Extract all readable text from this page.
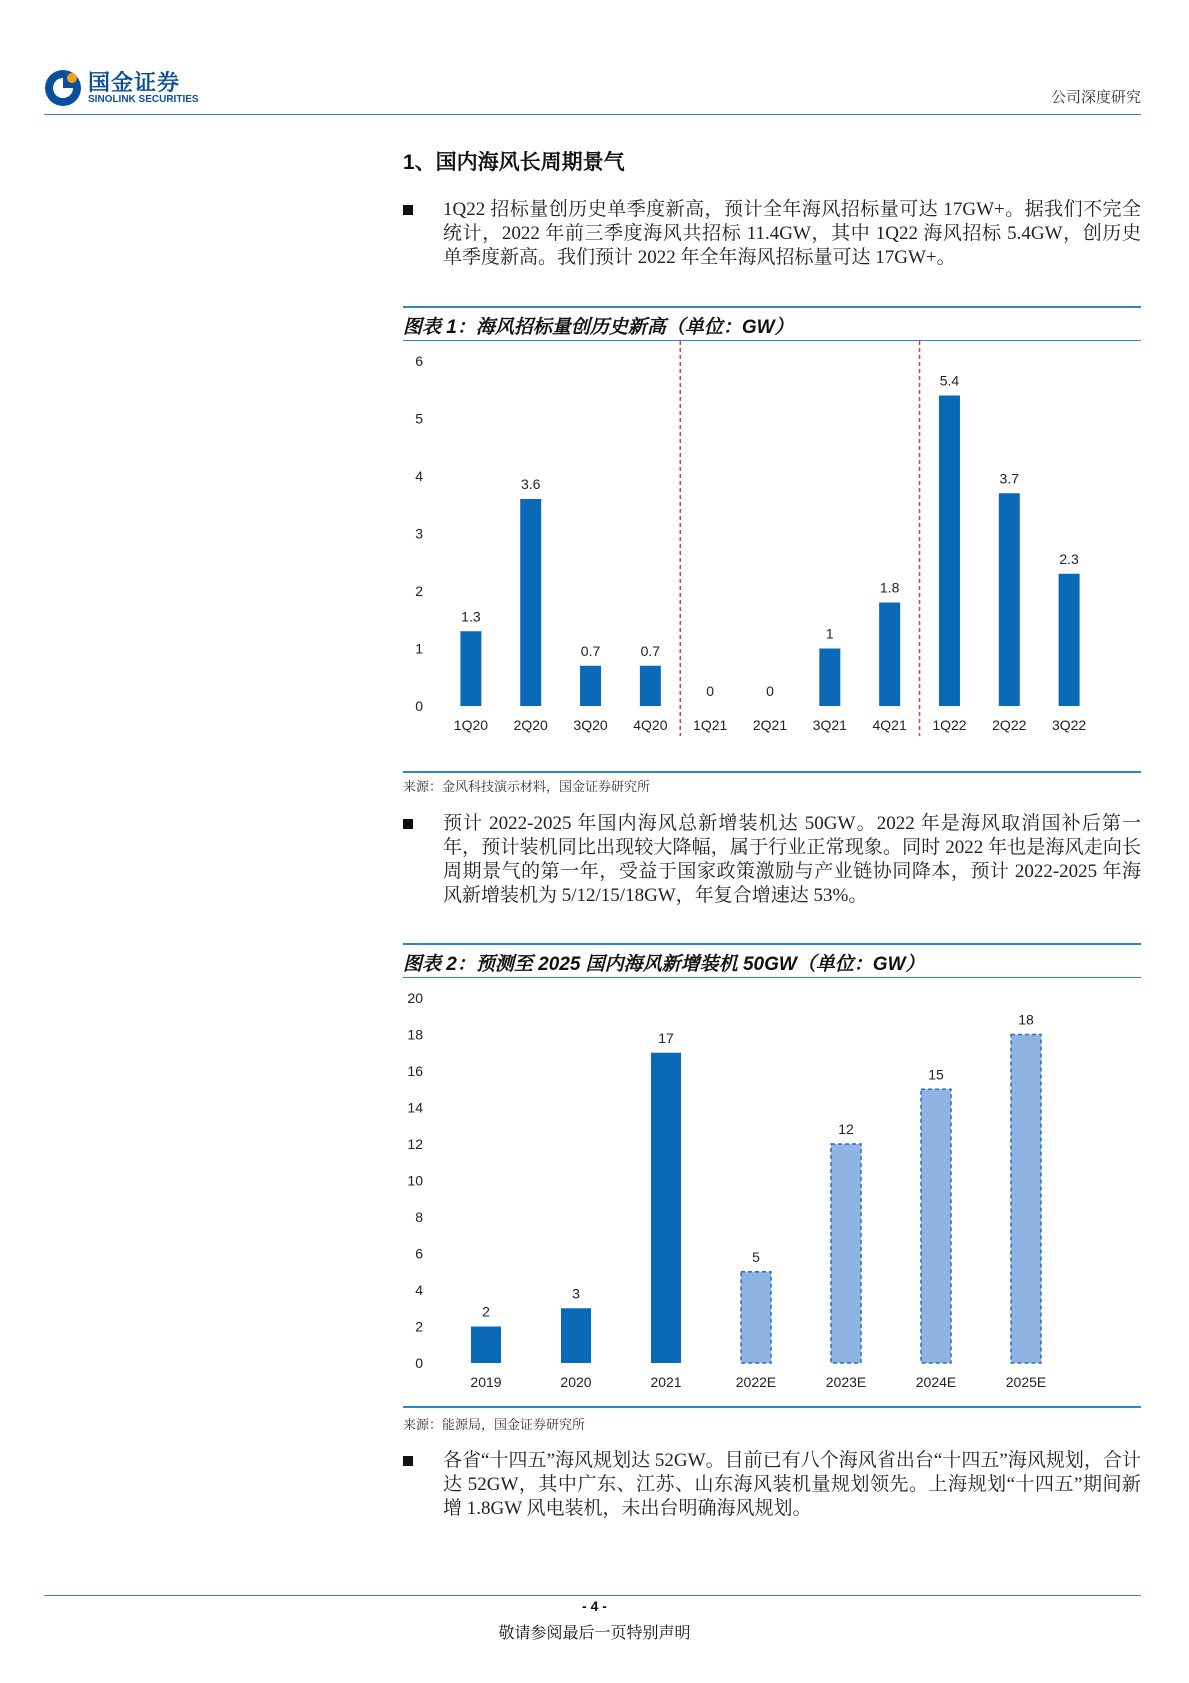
国金证券
SINOLINK SECURITIES	公司深度研究
1、国内海风长周期景气
1Q22 招标量创历史单季度新高，预计全年海风招标量可达 17GW+。据我们不完全统计，2022 年前三季度海风共招标 11.4GW，其中 1Q22 海风招标 5.4GW，创历史单季度新高。我们预计 2022 年全年海风招标量可达 17GW+。
图表 1：海风招标量创历史新高（单位：GW）
0
1
2
3
4
5
6
1.3
1Q20
3.6
2Q20
0.7
3Q20
0.7
4Q20
0
1Q21
0
2Q21
1
3Q21
1.8
4Q21
5.4
1Q22
3.7
2Q22
2.3
3Q22
来源：金风科技演示材料，国金证券研究所
预计 2022-2025 年国内海风总新增装机达 50GW。2022 年是海风取消国补后第一年，预计装机同比出现较大降幅，属于行业正常现象。同时 2022 年也是海风走向长周期景气的第一年，受益于国家政策激励与产业链协同降本，预计 2022-2025 年海风新增装机为 5/12/15/18GW，年复合增速达 53%。
图表 2：预测至 2025 国内海风新增装机 50GW（单位：GW）
0
2
4
6
8
10
12
14
16
18
20
2
2019
3
2020
17
2021
5
2022E
12
2023E
15
2024E
18
2025E
来源：能源局，国金证券研究所
各省“十四五”海风规划达 52GW。目前已有八个海风省出台“十四五”海风规划，合计达 52GW，其中广东、江苏、山东海风装机量规划领先。上海规划“十四五”期间新增 1.8GW 风电装机，未出台明确海风规划。
- 4 -
敬请参阅最后一页特别声明
